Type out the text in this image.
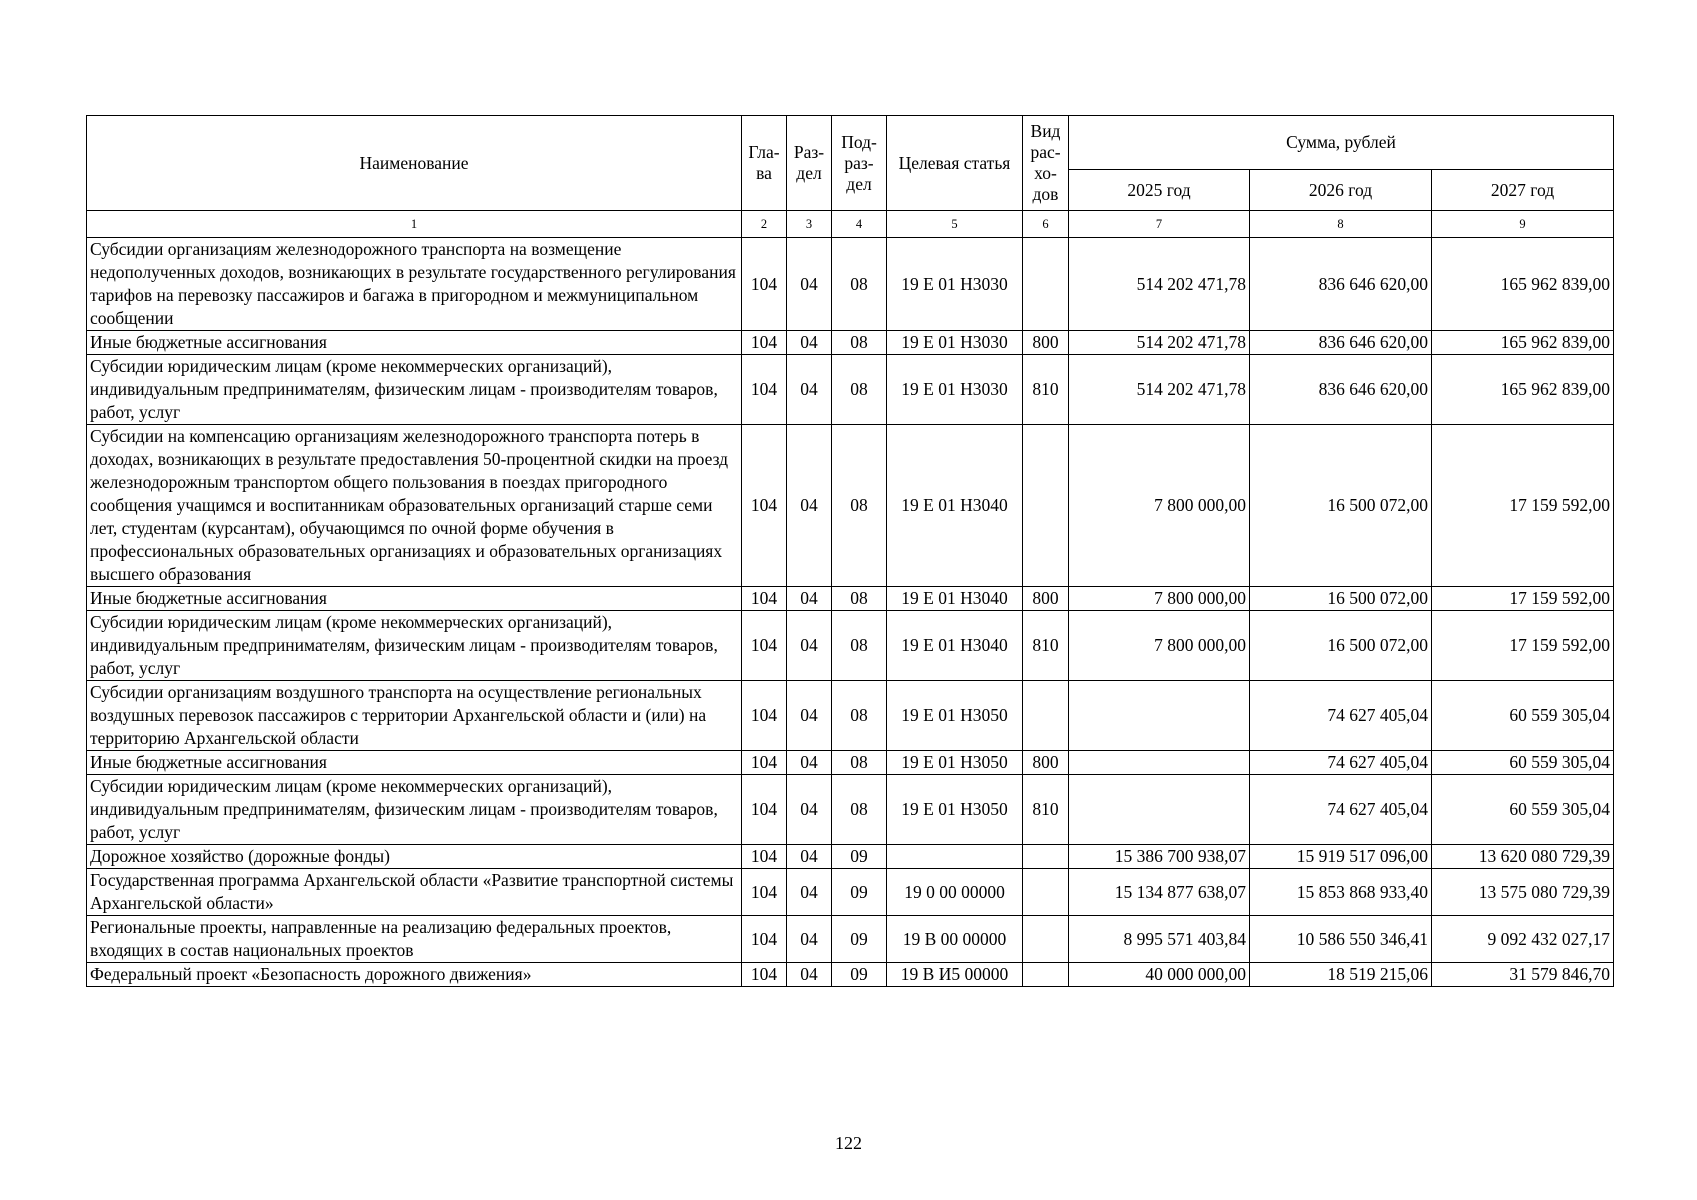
Наименование	Гла-ва	Раз-дел	Под-раз-дел	Целевая статья	Вид рас-хо-дов	Сумма, рублей		
						2025 год	2026 год	2027 год
1	2	3	4	5	6	7	8	9
Субсидии организациям железнодорожного транспорта на возмещение недополученных доходов, возникающих в результате государственного регулирования тарифов на перевозку пассажиров и багажа в пригородном и межмуниципальном сообщении	104	04	08	19 Е 01 Н3030		514 202 471,78	836 646 620,00	165 962 839,00
Иные бюджетные ассигнования	104	04	08	19 Е 01 Н3030	800	514 202 471,78	836 646 620,00	165 962 839,00
Субсидии юридическим лицам (кроме некоммерческих организаций), индивидуальным предпринимателям, физическим лицам - производителям товаров, работ, услуг	104	04	08	19 Е 01 Н3030	810	514 202 471,78	836 646 620,00	165 962 839,00
Субсидии на компенсацию организациям железнодорожного транспорта потерь в доходах, возникающих в результате предоставления 50-процентной скидки на проезд железнодорожным транспортом общего пользования в поездах пригородного сообщения учащимся и воспитанникам образовательных организаций старше семи лет, студентам (курсантам), обучающимся по очной форме обучения в профессиональных образовательных организациях и образовательных организациях высшего образования	104	04	08	19 Е 01 Н3040		7 800 000,00	16 500 072,00	17 159 592,00
Иные бюджетные ассигнования	104	04	08	19 Е 01 Н3040	800	7 800 000,00	16 500 072,00	17 159 592,00
Субсидии юридическим лицам (кроме некоммерческих организаций), индивидуальным предпринимателям, физическим лицам - производителям товаров, работ, услуг	104	04	08	19 Е 01 Н3040	810	7 800 000,00	16 500 072,00	17 159 592,00
Субсидии организациям воздушного транспорта на осуществление региональных воздушных перевозок пассажиров с территории Архангельской области и (или) на территорию Архангельской области	104	04	08	19 Е 01 Н3050			74 627 405,04	60 559 305,04
Иные бюджетные ассигнования	104	04	08	19 Е 01 Н3050	800		74 627 405,04	60 559 305,04
Субсидии юридическим лицам (кроме некоммерческих организаций), индивидуальным предпринимателям, физическим лицам - производителям товаров, работ, услуг	104	04	08	19 Е 01 Н3050	810		74 627 405,04	60 559 305,04
Дорожное хозяйство (дорожные фонды)	104	04	09			15 386 700 938,07	15 919 517 096,00	13 620 080 729,39
Государственная программа Архангельской области «Развитие транспортной системы Архангельской области»	104	04	09	19 0 00 00000		15 134 877 638,07	15 853 868 933,40	13 575 080 729,39
Региональные проекты, направленные на реализацию федеральных проектов, входящих в состав национальных проектов	104	04	09	19 В 00 00000		8 995 571 403,84	10 586 550 346,41	9 092 432 027,17
Федеральный проект «Безопасность дорожного движения»	104	04	09	19 В И5 00000		40 000 000,00	18 519 215,06	31 579 846,70
122
